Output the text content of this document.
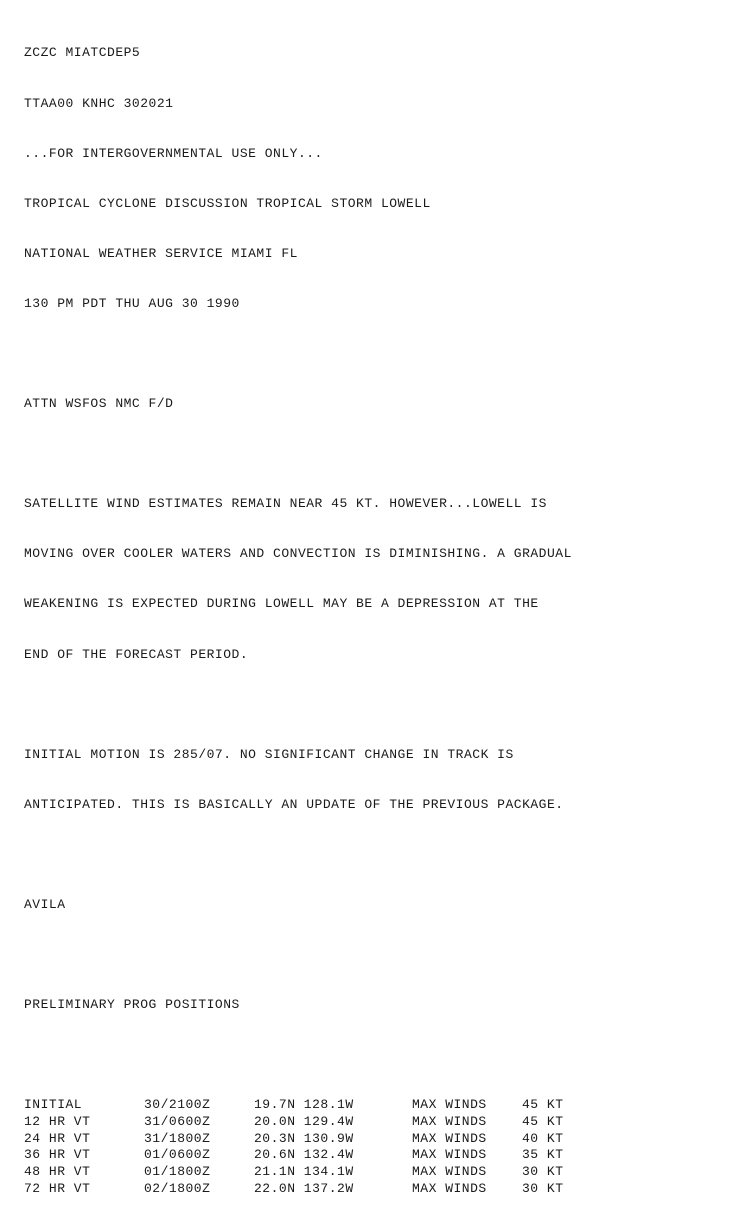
ZCZC MIATCDEP5

TTAA00 KNHC 302021

...FOR INTERGOVERNMENTAL USE ONLY...

TROPICAL CYCLONE DISCUSSION TROPICAL STORM LOWELL

NATIONAL WEATHER SERVICE MIAMI FL

130 PM PDT THU AUG 30 1990

ATTN WSFOS NMC F/D

SATELLITE WIND ESTIMATES REMAIN NEAR 45 KT. HOWEVER...LOWELL IS

MOVING OVER COOLER WATERS AND CONVECTION IS DIMINISHING. A GRADUAL

WEAKENING IS EXPECTED DURING LOWELL MAY BE A DEPRESSION AT THE

END OF THE FORECAST PERIOD.

INITIAL MOTION IS 285/07. NO SIGNIFICANT CHANGE IN TRACK IS

ANTICIPATED. THIS IS BASICALLY AN UPDATE OF THE PREVIOUS PACKAGE.

AVILA

PRELIMINARY PROG POSITIONS

INITIAL	30/2100Z	19.7N 128.1W	MAX WINDS	45 KT
12 HR VT	31/0600Z	20.0N 129.4W	MAX WINDS	45 KT
24 HR VT	31/1800Z	20.3N 130.9W	MAX WINDS	40 KT
36 HR VT	01/0600Z	20.6N 132.4W	MAX WINDS	35 KT
48 HR VT	01/1800Z	21.1N 134.1W	MAX WINDS	30 KT
72 HR VT	02/1800Z	22.0N 137.2W	MAX WINDS	30 KT
